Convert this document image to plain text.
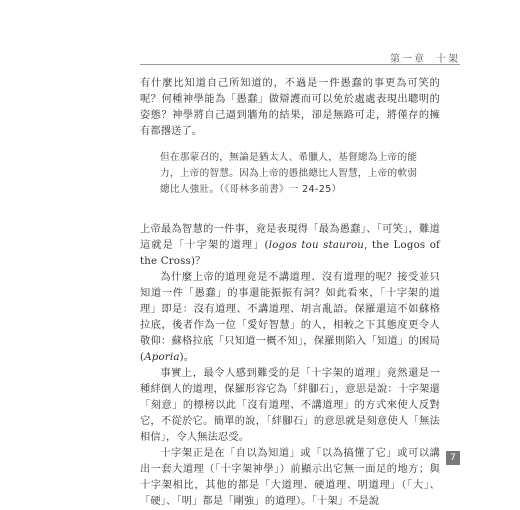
第一章 十架

有什麼比知道自己所知道的，不過是一件愚蠢的事更為可笑的呢？何種神學能為「愚蠢」做辯護而可以免於處處表現出聰明的姿態？神學將自己逼到牆角的結果，卻是無路可走，將僅存的擁有都撂送了。

但在那蒙召的，無論是猶太人、希臘人，基督總為上帝的能力，上帝的智慧。因為上帝的愚拙總比人智慧，上帝的軟弱總比人強壯。（《哥林多前書》一 24-25）

上帝最為智慧的一件事，竟是表現得「最為愚蠢」、「可笑」，難道這就是「十字架的道理」(logos tou staurou, the Logos of the Cross)？

為什麼上帝的道理竟是不講道理、沒有道理的呢？接受並只知道一件「愚蠢」的事還能振振有詞？如此看來，「十字架的道理」即是：沒有道理、不講道理、胡言亂語。保羅還這不如蘇格拉底，後者作為一位「愛好智慧」的人，相較之下其態度更令人敬仰：蘇格拉底「只知道一概不知」，保羅則陷入「知道」的困局 (Aporia)。

事實上，最令人感到難受的是「十字架的道理」竟然還是一種絆倒人的道理，保羅形容它為「絆腳石」，意思是說：十字架還「刻意」的標榜以此「沒有道理、不講道理」的方式來使人反對它，不從於它。簡單的說，「絆腳石」的意思就是刻意使人「無法相信」，令人無法忍受。

十字架正是在「自以為知道」或「以為搞懂了它」或可以講出一套大道理（「十字架神學」）前顯示出它無一面足的地方；與十字架相比，其他的都是「大道理、硬道理、明道理」（「大」、「硬」、「明」都是「剛強」的道理）。「十架」不是說

7
